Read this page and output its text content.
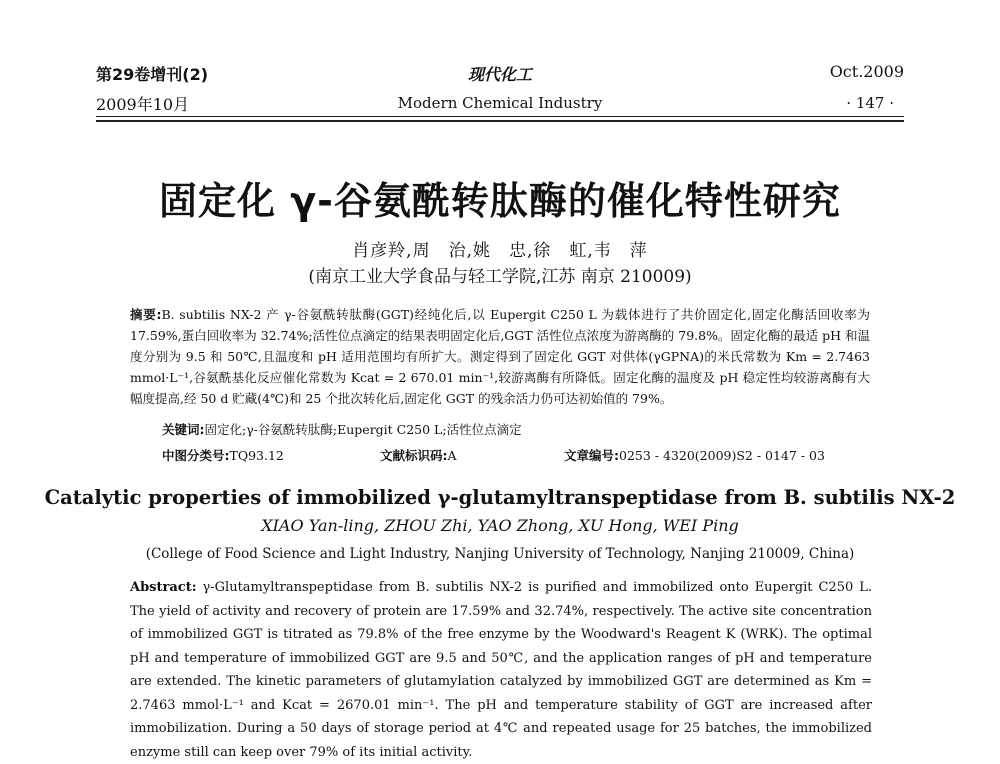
第29卷增刊(2)
2009年10月
现代化工
Modern Chemical Industry
Oct.2009
· 147 ·
固定化 γ-谷氨酰转肽酶的催化特性研究
肖彦羚,周　治,姚　忠,徐　虹,韦　萍
(南京工业大学食品与轻工学院,江苏 南京 210009)
摘要:B. subtilis NX-2 产 γ-谷氨酰转肽酶(GGT)经纯化后,以 Eupergit C250 L 为载体进行了共价固定化,固定化酶活回收率为 17.59%,蛋白回收率为 32.74%;活性位点滴定的结果表明固定化后,GGT 活性位点浓度为游离酶的 79.8%。固定化酶的最适 pH 和温度分别为 9.5 和 50℃,且温度和 pH 适用范围均有所扩大。测定得到了固定化 GGT 对供体(γGPNA)的米氏常数为 Km = 2.7463 mmol·L⁻¹,谷氨酰基化反应催化常数为 Kcat = 2 670.01 min⁻¹,较游离酶有所降低。固定化酶的温度及 pH 稳定性均较游离酶有大幅度提高,经 50 d 贮藏(4℃)和 25 个批次转化后,固定化 GGT 的残余活力仍可达初始值的 79%。
关键词:固定化;γ-谷氨酰转肽酶;Eupergit C250 L;活性位点滴定
中图分类号:TQ93.12	文献标识码:A	文章编号:0253 - 4320(2009)S2 - 0147 - 03
Catalytic properties of immobilized γ-glutamyltranspeptidase from B. subtilis NX-2
XIAO Yan-ling, ZHOU Zhi, YAO Zhong, XU Hong, WEI Ping
(College of Food Science and Light Industry, Nanjing University of Technology, Nanjing 210009, China)
Abstract: γ-Glutamyltranspeptidase from B. subtilis NX-2 is purified and immobilized onto Eupergit C250 L. The yield of activity and recovery of protein are 17.59% and 32.74%, respectively. The active site concentration of immobilized GGT is titrated as 79.8% of the free enzyme by the Woodward's Reagent K (WRK). The optimal pH and temperature of immobilized GGT are 9.5 and 50℃, and the application ranges of pH and temperature are extended. The kinetic parameters of glutamylation catalyzed by immobilized GGT are determined as Km = 2.7463 mmol·L⁻¹ and Kcat = 2670.01 min⁻¹. The pH and temperature stability of GGT are increased after immobilization. During a 50 days of storage period at 4℃ and repeated usage for 25 batches, the immobilized enzyme still can keep over 79% of its initial activity.
